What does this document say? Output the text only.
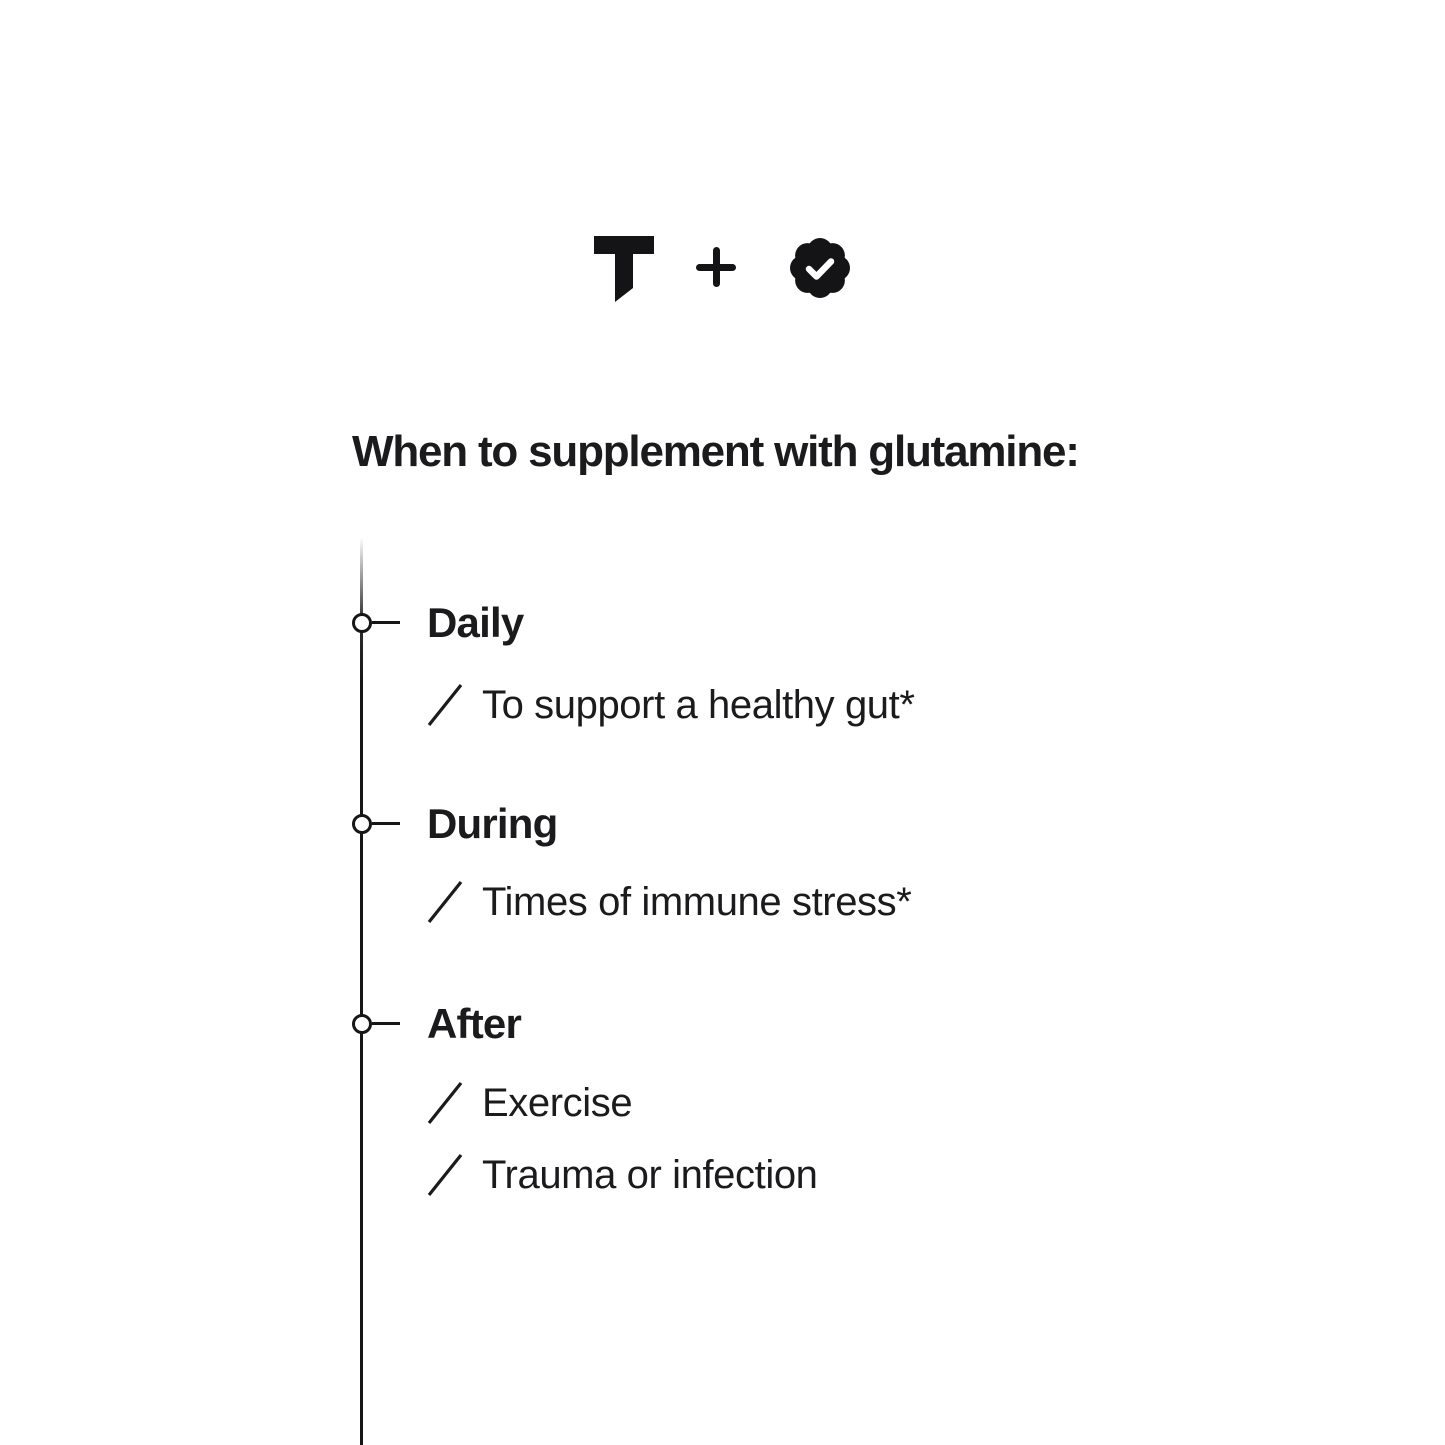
When to supplement with glutamine:
Daily
To support a healthy gut*
During
Times of immune stress*
After
Exercise
Trauma or infection
